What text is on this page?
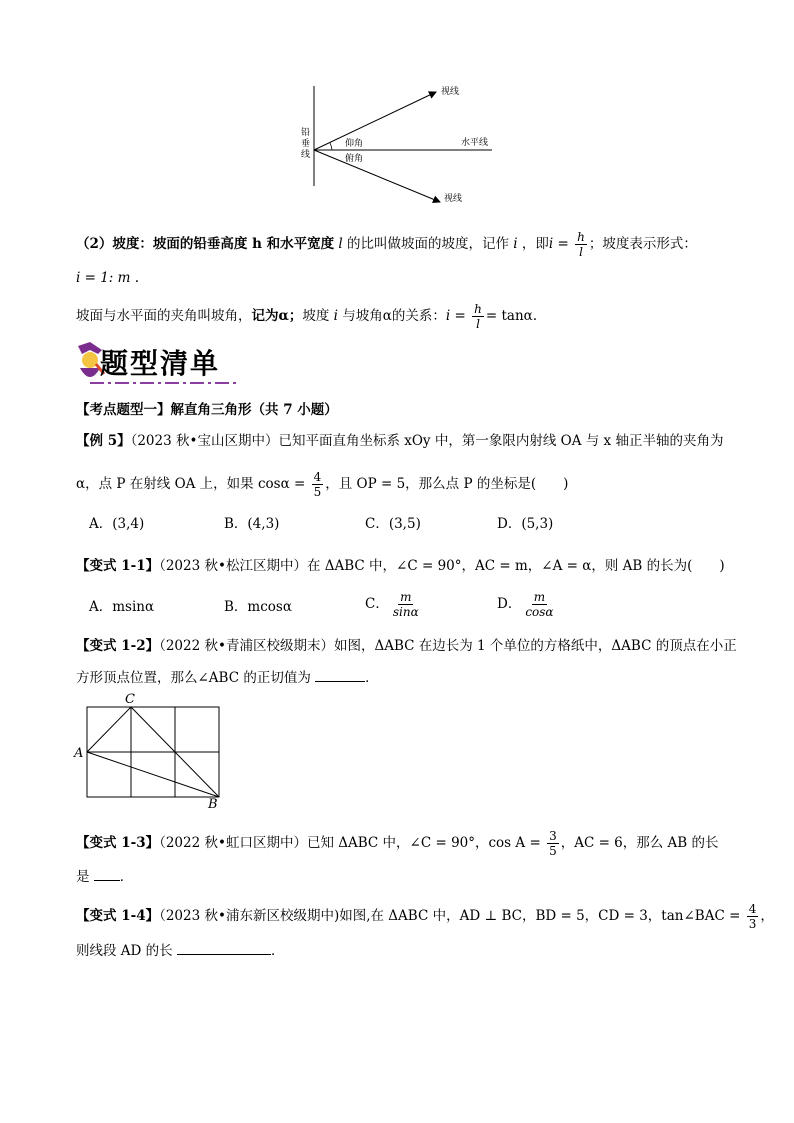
铅垂线
视线
视线
水平线
仰角
俯角
（2）坡度：坡面的铅垂高度 h 和水平宽度 l 的比叫做坡面的坡度，记作 i ，即$i = \frac{h}{l}$ ；坡度表示形式：
i = 1: m .
坡面与水平面的夹角叫坡角，记为α；坡度 i 与坡角α的关系：$i = \frac{h}{l} = \tan\alpha$.
题型清单
【考点题型一】解直角三角形（共 7 小题）
【例 5】（2023 秋•宝山区期中）已知平面直角坐标系 xOy 中，第一象限内射线 OA 与 x 轴正半轴的夹角为
α，点 P 在射线 OA 上，如果 $\cos\alpha = \frac{4}{5}$ ，且 OP = 5，那么点 P 的坐标是(　　)
A．(3,4)	B．(4,3)	C．(3,5)	D．(5,3)
【变式 1-1】（2023 秋•松江区期中）在 ΔABC 中，∠C = 90°，AC = m，∠A = α，则 AB 的长为(　　)
A．msinα	B．mcosα	C． $\frac{m}{\sin\alpha}$	D． $\frac{m}{\cos\alpha}$
【变式 1-2】（2022 秋•青浦区校级期末）如图，ΔABC 在边长为 1 个单位的方格纸中，ΔABC 的顶点在小正
方形顶点位置，那么∠ABC 的正切值为	．
C
A
B
【变式 1-3】（2022 秋•虹口区期中）已知 ΔABC 中，∠C = 90°，$\cos A = \frac{3}{5}$ ，AC = 6，那么 AB 的长
是 ．
【变式 1-4】（2023 秋•浦东新区校级期中)如图,在 ΔABC 中，AD ⊥ BC，BD = 5，CD = 3，tan∠BAC = $\frac{4}{3}$ ，
则线段 AD 的长	．
